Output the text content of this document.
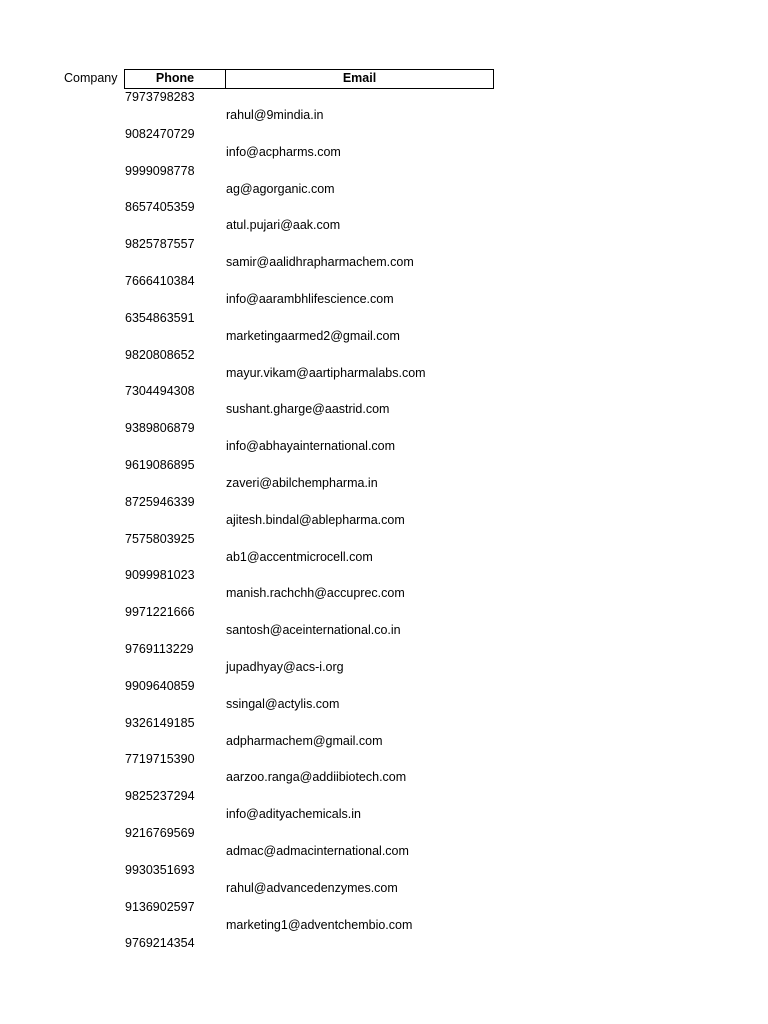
Company	Phone	Email
7973798283
9082470729
9999098778
8657405359
9825787557
7666410384
6354863591
9820808652
7304494308
9389806879
9619086895
8725946339
7575803925
9099981023
9971221666
9769113229
9909640859
9326149185
7719715390
9825237294
9216769569
9930351693
9136902597
9769214354
rahul@9mindia.in
info@acpharms.com
ag@agorganic.com
atul.pujari@aak.com
samir@aalidhrapharmachem.com
info@aarambhlifescience.com
marketingaarmed2@gmail.com
mayur.vikam@aartipharmalabs.com
sushant.gharge@aastrid.com
info@abhayainternational.com
zaveri@abilchempharma.in
ajitesh.bindal@ablepharma.com
ab1@accentmicrocell.com
manish.rachchh@accuprec.com
santosh@aceinternational.co.in
jupadhyay@acs-i.org
ssingal@actylis.com
adpharmachem@gmail.com
aarzoo.ranga@addiibiotech.com
info@adityachemicals.in
admac@admacinternational.com
rahul@advancedenzymes.com
marketing1@adventchembio.com
